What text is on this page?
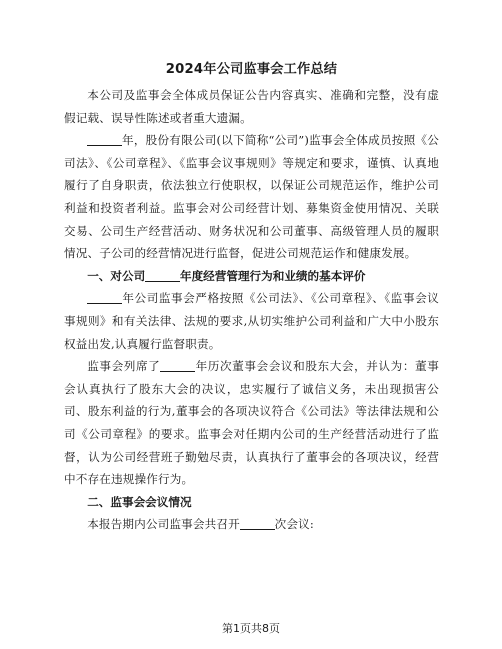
2024年公司监事会工作总结

本公司及监事会全体成员保证公告内容真实、准确和完整，没有虚假记载、误导性陈述或者重大遗漏。

年，股份有限公司(以下简称“公司”)监事会全体成员按照《公司法》、《公司章程》、《监事会议事规则》等规定和要求，谨慎、认真地履行了自身职责，依法独立行使职权，以保证公司规范运作，维护公司利益和投资者利益。监事会对公司经营计划、募集资金使用情况、关联交易、公司生产经营活动、财务状况和公司董事、高级管理人员的履职情况、子公司的经营情况进行监督，促进公司规范运作和健康发展。

一、对公司	年度经营管理行为和业绩的基本评价

年公司监事会严格按照《公司法》、《公司章程》、《监事会议事规则》和有关法律、法规的要求,从切实维护公司利益和广大中小股东权益出发,认真履行监督职责。

监事会列席了	年历次董事会会议和股东大会，并认为：董事会认真执行了股东大会的决议，忠实履行了诚信义务，未出现损害公司、股东利益的行为,董事会的各项决议符合《公司法》等法律法规和公司《公司章程》的要求。监事会对任期内公司的生产经营活动进行了监督，认为公司经营班子勤勉尽责，认真执行了董事会的各项决议，经营中不存在违规操作行为。

二、监事会会议情况

本报告期内公司监事会共召开	次会议:

第1页共8页
